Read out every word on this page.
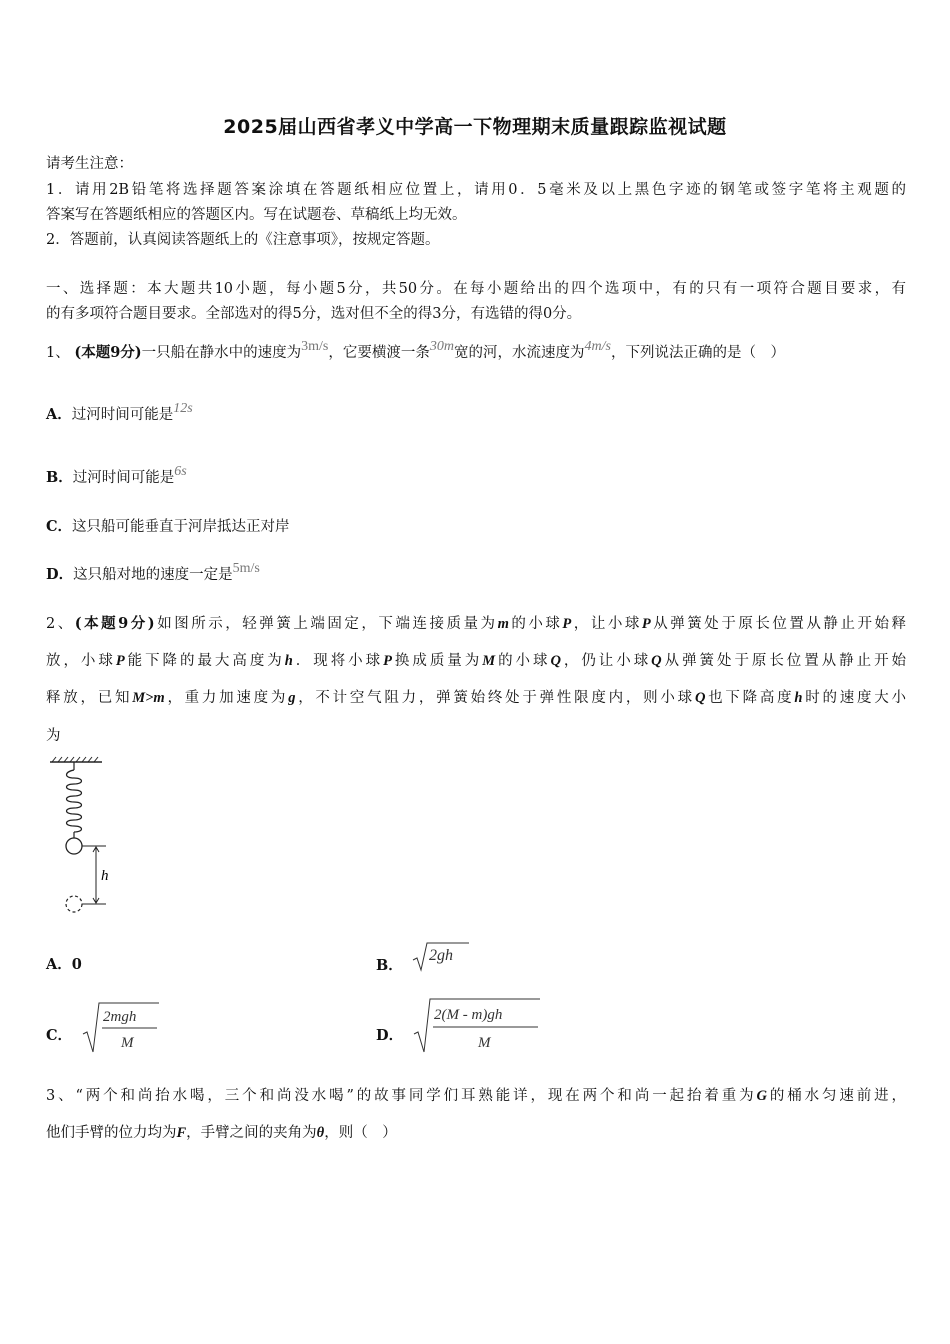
2025届山西省孝义中学高一下物理期末质量跟踪监视试题
请考生注意：
1．请用2B铅笔将选择题答案涂填在答题纸相应位置上，请用0．5毫米及以上黑色字迹的钢笔或签字笔将主观题的
答案写在答题纸相应的答题区内。写在试题卷、草稿纸上均无效。
2．答题前，认真阅读答题纸上的《注意事项》，按规定答题。
一、选择题：本大题共10小题，每小题5分，共50分。在每小题给出的四个选项中，有的只有一项符合题目要求，有
的有多项符合题目要求。全部选对的得5分，选对但不全的得3分，有选错的得0分。
1、 (本题9分)一只船在静水中的速度为3m/s，它要横渡一条30m宽的河，水流速度为4m/s，下列说法正确的是（　）
A．过河时间可能是12s
B．过河时间可能是6s
C．这只船可能垂直于河岸抵达正对岸
D．这只船对地的速度一定是5m/s
2、(本题9分)如图所示，轻弹簧上端固定，下端连接质量为m的小球P，让小球P从弹簧处于原长位置从静止开始释
放，小球P能下降的最大高度为h．现将小球P换成质量为M的小球Q，仍让小球Q从弹簧处于原长位置从静止开始
释放，已知M>m，重力加速度为g，不计空气阻力，弹簧始终处于弹性限度内，则小球Q也下降高度h时的速度大小
为
h
A．0	B．
2gh
C．
2mgh
M	D．
2(M - m)gh
M
3、“两个和尚抬水喝，三个和尚没水喝”的故事同学们耳熟能详，现在两个和尚一起抬着重为G的桶水匀速前进，
他们手臂的位力均为F，手臂之间的夹角为θ，则（　）
